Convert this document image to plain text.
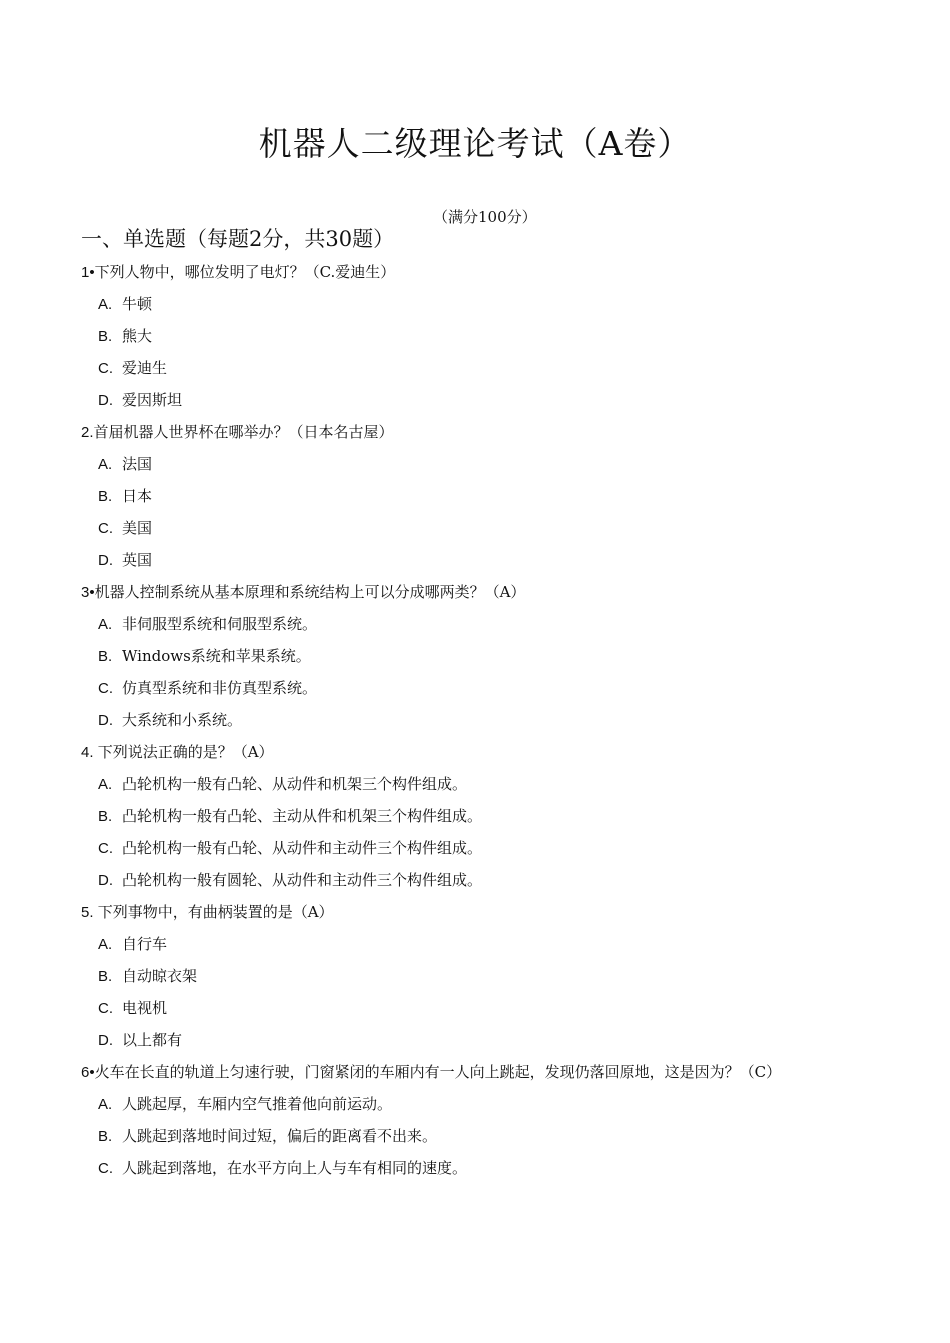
机器人二级理论考试（A卷）
（满分100分）
一、单选题（每题2分，共30题）
1•下列人物中，哪位发明了电灯？（C.爱迪生）
A. 牛顿
B. 熊大
C. 爱迪生
D. 爱因斯坦
2.首届机器人世界杯在哪举办？（日本名古屋）
A. 法国
B. 日本
C. 美国
D. 英国
3•机器人控制系统从基本原理和系统结构上可以分成哪两类？（A）
A. 非伺服型系统和伺服型系统。
B. Windows系统和苹果系统。
C. 仿真型系统和非仿真型系统。
D. 大系统和小系统。
4. 下列说法正确的是？（A）
A. 凸轮机构一般有凸轮、从动件和机架三个构件组成。
B. 凸轮机构一般有凸轮、主动从件和机架三个构件组成。
C. 凸轮机构一般有凸轮、从动件和主动件三个构件组成。
D. 凸轮机构一般有圆轮、从动件和主动件三个构件组成。
5. 下列事物中，有曲柄装置的是（A）
A. 自行车
B. 自动晾衣架
C. 电视机
D. 以上都有
6•火车在长直的轨道上匀速行驶，门窗紧闭的车厢内有一人向上跳起，发现仍落回原地，这是因为？（C）
A. 人跳起厚，车厢内空气推着他向前运动。
B. 人跳起到落地时间过短，偏后的距离看不出来。
C. 人跳起到落地，在水平方向上人与车有相同的速度。
